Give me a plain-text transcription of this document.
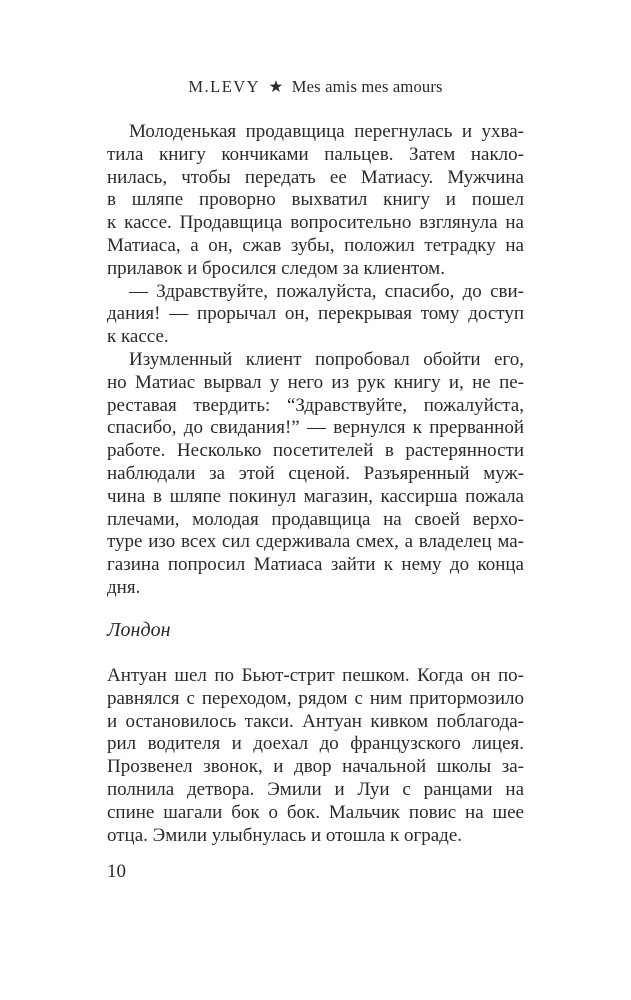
M.LEVY ★ Mes amis mes amours
Молоденькая продавщица перегнулась и ухва-
тила книгу кончиками пальцев. Затем накло-
нилась, чтобы передать ее Матиасу. Мужчина
в шляпе проворно выхватил книгу и пошел
к кассе. Продавщица вопросительно взглянула на
Матиаса, а он, сжав зубы, положил тетрадку на
прилавок и бросился следом за клиентом.
— Здравствуйте, пожалуйста, спасибо, до сви-
дания! — прорычал он, перекрывая тому доступ
к кассе.
Изумленный клиент попробовал обойти его,
но Матиас вырвал у него из рук книгу и, не пе-
реставая твердить: “Здравствуйте, пожалуйста,
спасибо, до свидания!” — вернулся к прерванной
работе. Несколько посетителей в растерянности
наблюдали за этой сценой. Разъяренный муж-
чина в шляпе покинул магазин, кассирша пожала
плечами, молодая продавщица на своей верхо-
туре изо всех сил сдерживала смех, а владелец ма-
газина попросил Матиаса зайти к нему до конца
дня.
Лондон
Антуан шел по Бьют-стрит пешком. Когда он по-
равнялся с переходом, рядом с ним притормозило
и остановилось такси. Антуан кивком поблагода-
рил водителя и доехал до французского лицея.
Прозвенел звонок, и двор начальной школы за-
полнила детвора. Эмили и Луи с ранцами на
спине шагали бок о бок. Мальчик повис на шее
отца. Эмили улыбнулась и отошла к ограде.
10
